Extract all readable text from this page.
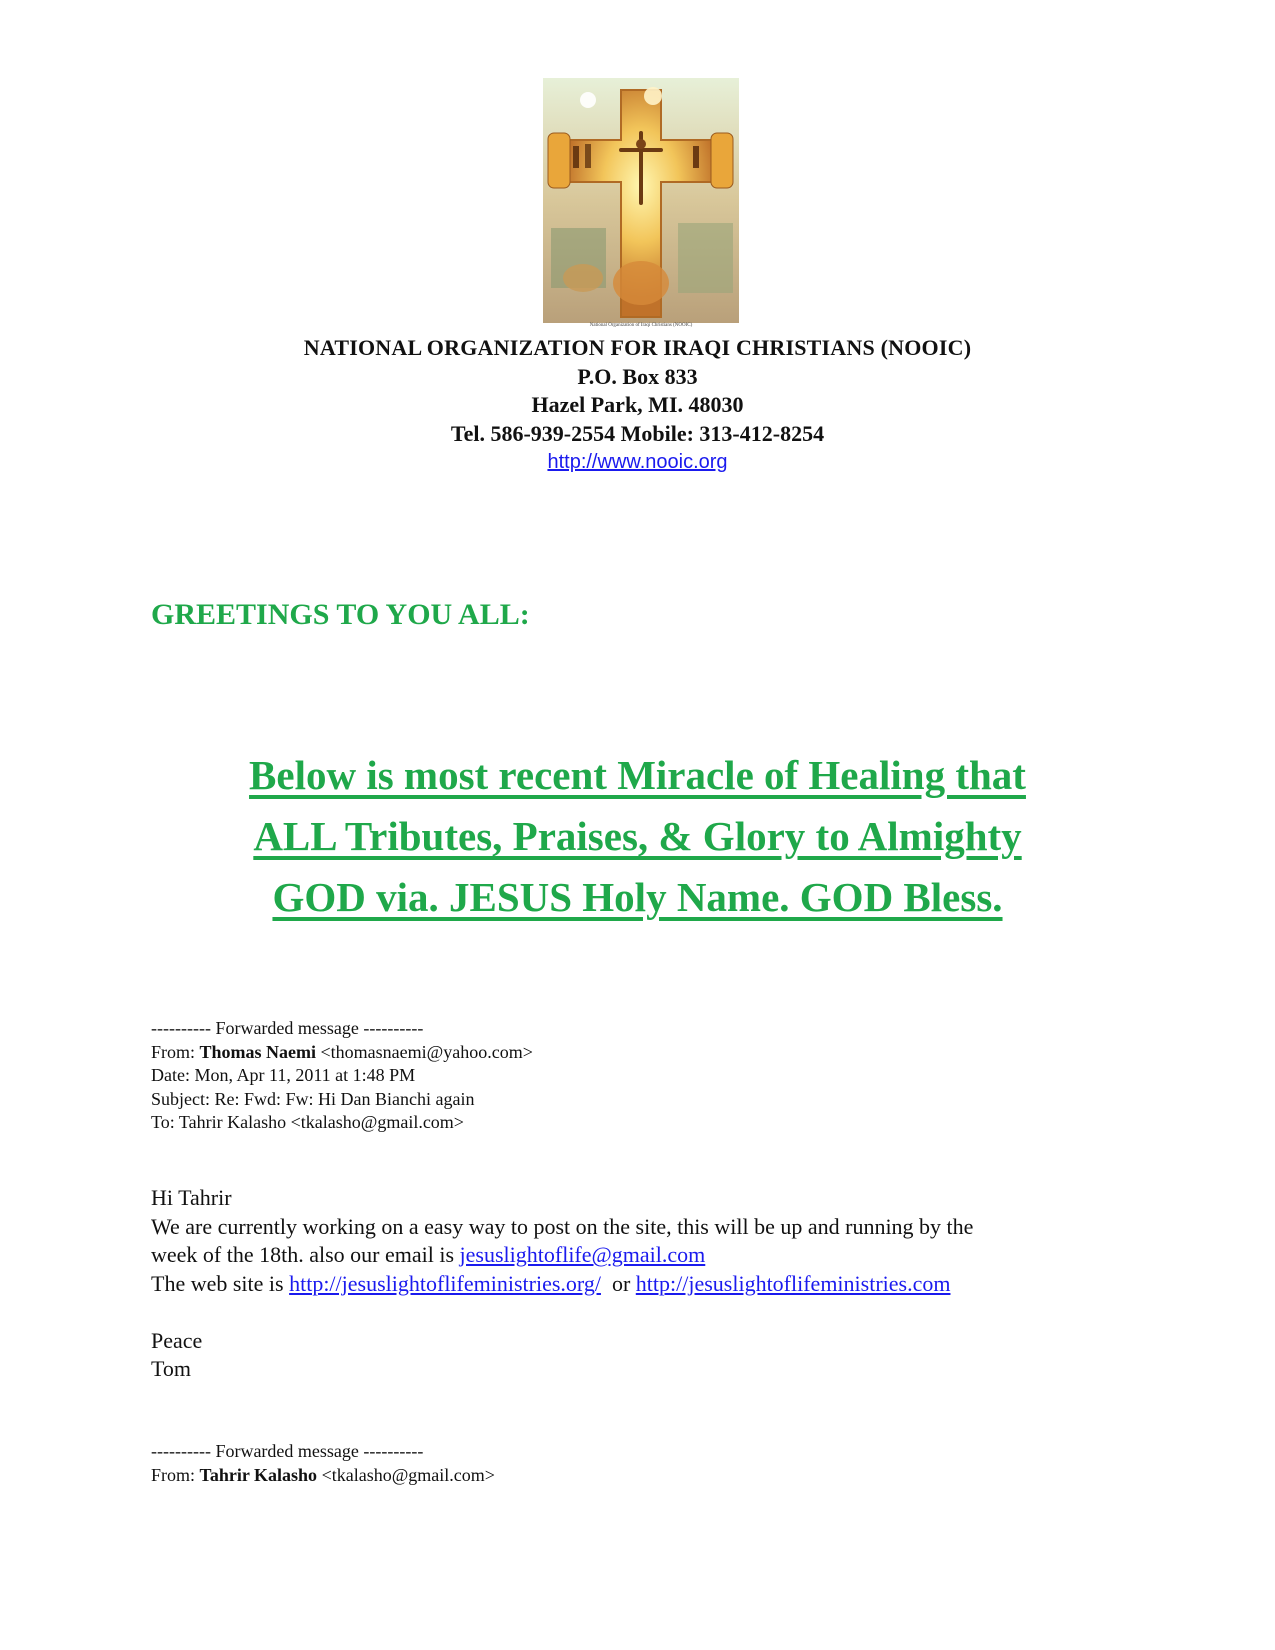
National Organization of Iraqi Christians (NOOIC)
NATIONAL ORGANIZATION FOR IRAQI CHRISTIANS (NOOIC)
P.O. Box 833
Hazel Park, MI. 48030
Tel. 586-939-2554 Mobile: 313-412-8254
http://www.nooic.org
GREETINGS TO YOU ALL:
Below is most recent Miracle of Healing that
ALL Tributes, Praises, & Glory to Almighty
GOD via. JESUS Holy Name. GOD Bless.
---------- Forwarded message ----------
From: Thomas Naemi <thomasnaemi@yahoo.com>
Date: Mon, Apr 11, 2011 at 1:48 PM
Subject: Re: Fwd: Fw: Hi Dan Bianchi again
To: Tahrir Kalasho <tkalasho@gmail.com>

Hi Tahrir

We are currently working on a easy way to post on the site, this will be up and running by the

week of the 18th. also our email is jesuslightoflife@gmail.com

The web site is http://jesuslightoflifeministries.org/  or http://jesuslightoflifeministries.com

Peace

Tom

---------- Forwarded message ----------
From: Tahrir Kalasho <tkalasho@gmail.com>
